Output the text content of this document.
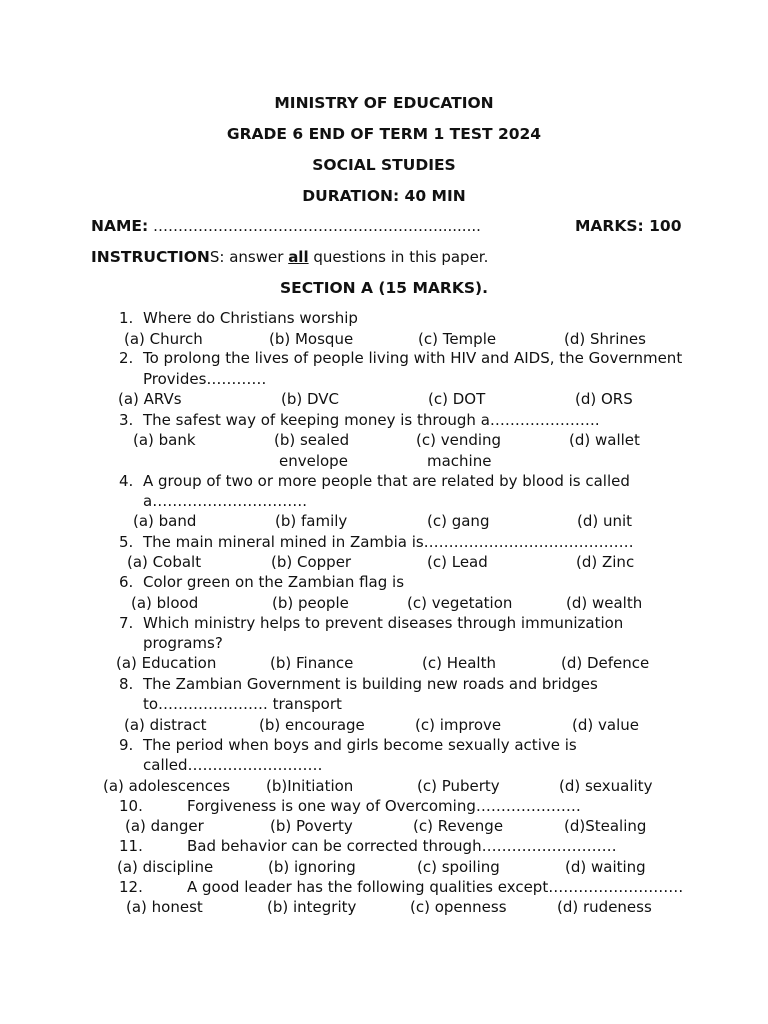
MINISTRY OF EDUCATION
GRADE 6 END OF TERM 1 TEST 2024
SOCIAL STUDIES
DURATION: 40 MIN
NAME: ………………………………………………….........	MARKS: 100
INSTRUCTIONS: answer all questions in this paper.
SECTION A (15 MARKS).
1. Where do Christians worship
(a) Church	(b) Mosque	(c) Temple	(d) Shrines
2. To prolong the lives of people living with HIV and AIDS, the Government
Provides…………
(a) ARVs	(b) DVC	(c) DOT	(d) ORS
3. The safest way of keeping money is through a………………….
(a) bank	(b) sealed	(c) vending	(d) wallet
envelope	machine
4. A group of two or more people that are related by blood is called
a………………………….
(a) band	(b) family	(c) gang	(d) unit
5. The main mineral mined in Zambia is……………………………………
(a) Cobalt	(b) Copper	(c) Lead	(d) Zinc
6. Color green on the Zambian flag is
(a) blood	(b) people	(c) vegetation	(d) wealth
7. Which ministry helps to prevent diseases through immunization
programs?
(a) Education	(b) Finance	(c) Health	(d) Defence
8. The Zambian Government is building new roads and bridges
to…………………. transport
(a) distract	(b) encourage	(c) improve	(d) value
9. The period when boys and girls become sexually active is
called………………………
(a) adolescences (b)Initiation	(c) Puberty	(d) sexuality
10.	Forgiveness is one way of Overcoming…………………
(a) danger	(b) Poverty	(c) Revenge	(d)Stealing
11.	Bad behavior can be corrected through………………………
(a) discipline	(b) ignoring	(c) spoiling	(d) waiting
12.	A good leader has the following qualities except………………………
(a) honest	(b) integrity	(c) openness	(d) rudeness
